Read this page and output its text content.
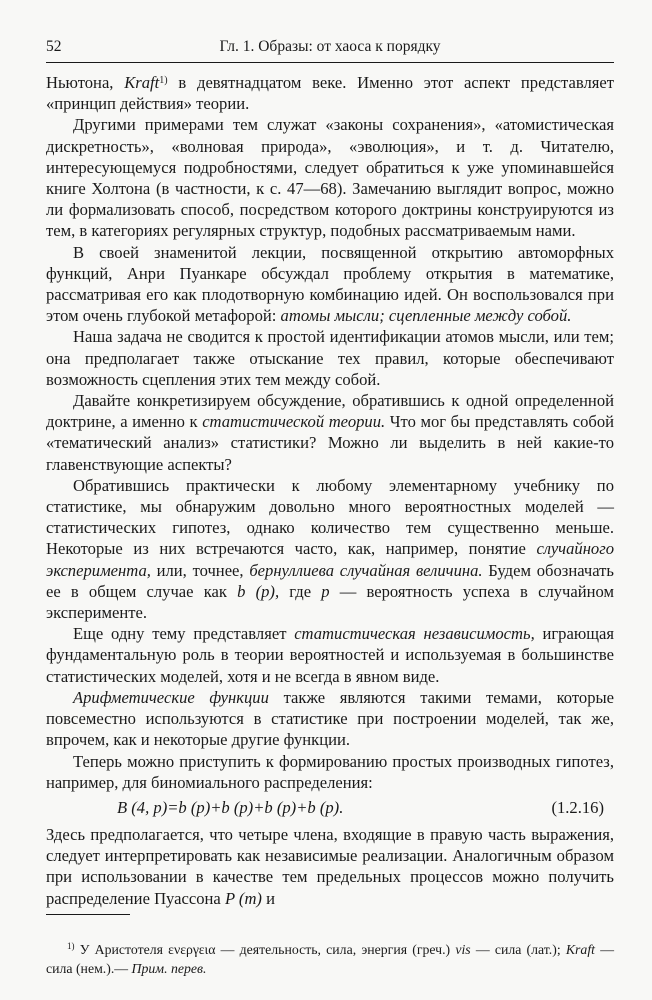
52	Гл. 1. Образы: от хаоса к порядку

Ньютона, Kraft$^{1)}$ в девятнадцатом веке. Именно этот аспект представляет «принцип действия» теории.

Другими примерами тем служат «законы сохранения», «атомистическая дискретность», «волновая природа», «эволюция», и т. д. Читателю, интересующемуся подробностями, следует обратиться к уже упоминавшейся книге Холтона (в частности, к с. 47—68). Замечанию выглядит вопрос, можно ли формализовать способ, посредством которого доктрины конструируются из тем, в категориях регулярных структур, подобных рассматриваемым нами.

В своей знаменитой лекции, посвященной открытию автоморфных функций, Анри Пуанкаре обсуждал проблему открытия в математике, рассматривая его как плодотворную комбинацию идей. Он воспользовался при этом очень глубокой метафорой: атомы мысли; сцепленные между собой.

Наша задача не сводится к простой идентификации атомов мысли, или тем; она предполагает также отыскание тех правил, которые обеспечивают возможность сцепления этих тем между собой.

Давайте конкретизируем обсуждение, обратившись к одной определенной доктрине, а именно к статистической теории. Что мог бы представлять собой «тематический анализ» статистики? Можно ли выделить в ней какие-то главенствующие аспекты?

Обратившись практически к любому элементарному учебнику по статистике, мы обнаружим довольно много вероятностных моделей — статистических гипотез, однако количество тем существенно меньше. Некоторые из них встречаются часто, как, например, понятие случайного эксперимента, или, точнее, бернуллиева случайная величина. Будем обозначать ее в общем случае как b (p), где p — вероятность успеха в случайном эксперименте.

Еще одну тему представляет статистическая независимость, играющая фундаментальную роль в теории вероятностей и используемая в большинстве статистических моделей, хотя и не всегда в явном виде.

Арифметические функции также являются такими темами, которые повсеместно используются в статистике при построении моделей, так же, впрочем, как и некоторые другие функции.

Теперь можно приступить к формированию простых производных гипотез, например, для биномиального распределения:

B (4, p)=b (p)+b (p)+b (p)+b (p).	(1.2.16)

Здесь предполагается, что четыре члена, входящие в правую часть выражения, следует интерпретировать как независимые реализации. Аналогичным образом при использовании в качестве тем предельных процессов можно получить распределение Пуассона P (m) и

$^{1)}$ У Аристотеля ενεργεια — деятельность, сила, энергия (греч.) vis — сила (лат.); Kraft — сила (нем.).— Прим. перев.
